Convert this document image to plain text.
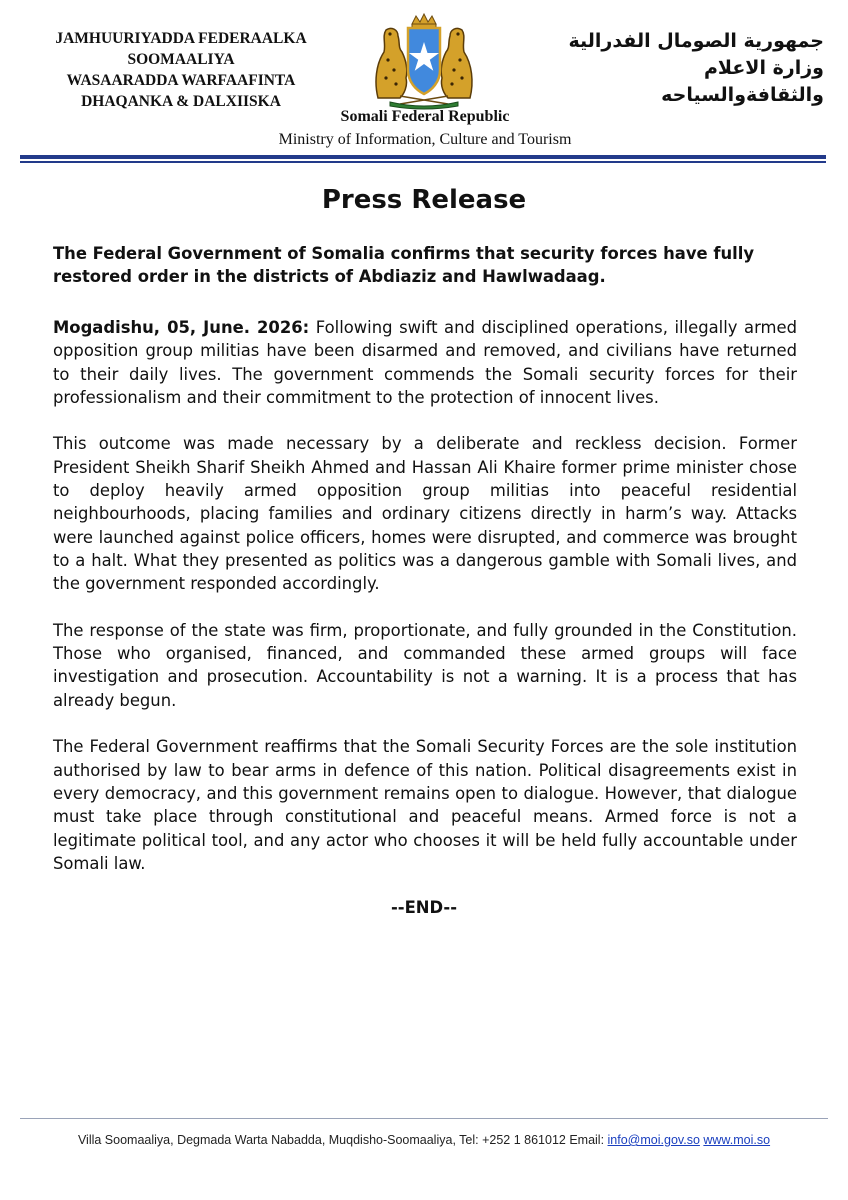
JAMHUURIYADDA FEDERAALKA
SOOMAALIYA
WASAARADDA WARFAAFINTA
DHAQANKA & DALXIISKA
Somali Federal Republic
Ministry of Information, Culture and Tourism
جمهورية الصومال الفدرالية
وزارة الاعلام
والثقافةوالسياحه
Press Release
The Federal Government of Somalia confirms that security forces have fully restored order in the districts of Abdiaziz and Hawlwadaag.

Mogadishu, 05, June. 2026: Following swift and disciplined operations, illegally armed opposition group militias have been disarmed and removed, and civilians have returned to their daily lives. The government commends the Somali security forces for their professionalism and their commitment to the protection of innocent lives.

This outcome was made necessary by a deliberate and reckless decision. Former President Sheikh Sharif Sheikh Ahmed and Hassan Ali Khaire former prime minister chose to deploy heavily armed opposition group militias into peaceful residential neighbourhoods, placing families and ordinary citizens directly in harm’s way. Attacks were launched against police officers, homes were disrupted, and commerce was brought to a halt. What they presented as politics was a dangerous gamble with Somali lives, and the government responded accordingly.

The response of the state was firm, proportionate, and fully grounded in the Constitution. Those who organised, financed, and commanded these armed groups will face investigation and prosecution. Accountability is not a warning. It is a process that has already begun.

The Federal Government reaffirms that the Somali Security Forces are the sole institution authorised by law to bear arms in defence of this nation. Political disagreements exist in every democracy, and this government remains open to dialogue. However, that dialogue must take place through constitutional and peaceful means. Armed force is not a legitimate political tool, and any actor who chooses it will be held fully accountable under Somali law.

--END--
Villa Soomaaliya, Degmada Warta Nabadda, Muqdisho-Soomaaliya, Tel: +252 1 861012 Email: info@moi.gov.so www.moi.so
